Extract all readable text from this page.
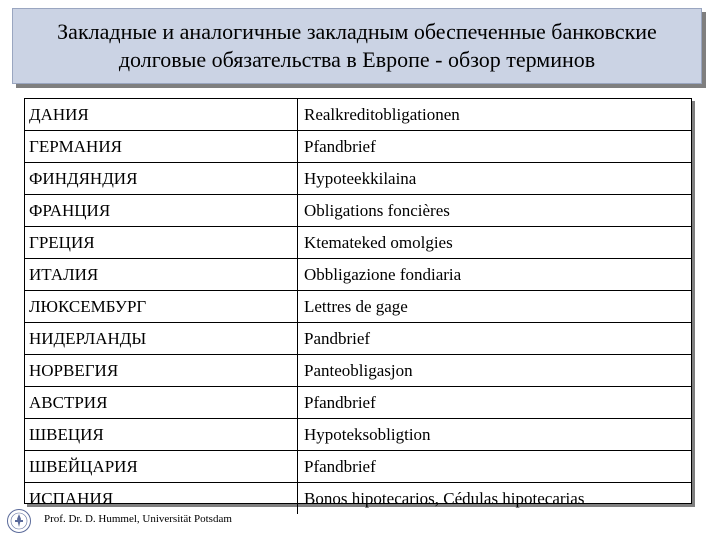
Закладные и аналогичные закладным обеспеченные банковские
долговые обязательства в Европе - обзор терминов
ДАНИЯ	Realkreditobligationen
ГЕРМАНИЯ	Pfandbrief
ФИНДЯНДИЯ	Hypoteekkilaina
ФРАНЦИЯ	Obligations foncières
ГРЕЦИЯ	Ktemateked omolgies
ИТАЛИЯ	Obbligazione fondiaria
ЛЮКСЕМБУРГ	Lettres de gage
НИДЕРЛАНДЫ	Pandbrief
НОРВЕГИЯ	Panteobligasjon
АВСТРИЯ	Pfandbrief
ШВЕЦИЯ	Hypoteksobligtion
ШВЕЙЦАРИЯ	Pfandbrief
ИСПАНИЯ	Bonos hipotecarios, Cédulas hipotecarias
Prof. Dr. D. Hummel, Universität Potsdam
